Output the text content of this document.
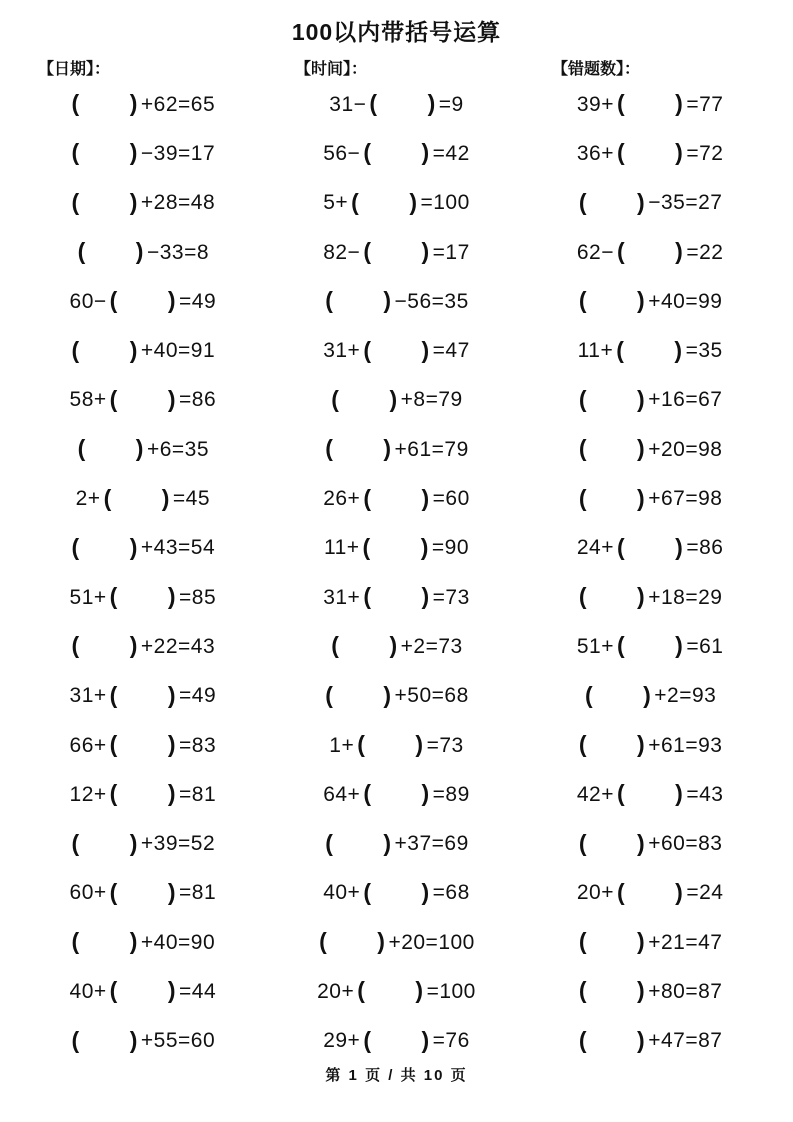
100以内带括号运算
【日期】：	【时间】：	【错题数】：
( ) +62=65	31− ( ) =9	39+ ( ) =77
( ) −39=17	56− ( ) =42	36+ ( ) =72
( ) +28=48	5+ ( ) =100	( ) −35=27
( ) −33=8	82− ( ) =17	62− ( ) =22
60− ( ) =49	( ) −56=35	( ) +40=99
( ) +40=91	31+ ( ) =47	11+ ( ) =35
58+ ( ) =86	( ) +8=79	( ) +16=67
( ) +6=35	( ) +61=79	( ) +20=98
2+ ( ) =45	26+ ( ) =60	( ) +67=98
( ) +43=54	11+ ( ) =90	24+ ( ) =86
51+ ( ) =85	31+ ( ) =73	( ) +18=29
( ) +22=43	( ) +2=73	51+ ( ) =61
31+ ( ) =49	( ) +50=68	( ) +2=93
66+ ( ) =83	1+ ( ) =73	( ) +61=93
12+ ( ) =81	64+ ( ) =89	42+ ( ) =43
( ) +39=52	( ) +37=69	( ) +60=83
60+ ( ) =81	40+ ( ) =68	20+ ( ) =24
( ) +40=90	( ) +20=100	( ) +21=47
40+ ( ) =44	20+ ( ) =100	( ) +80=87
( ) +55=60	29+ ( ) =76	( ) +47=87
第 1 页 / 共 10 页
